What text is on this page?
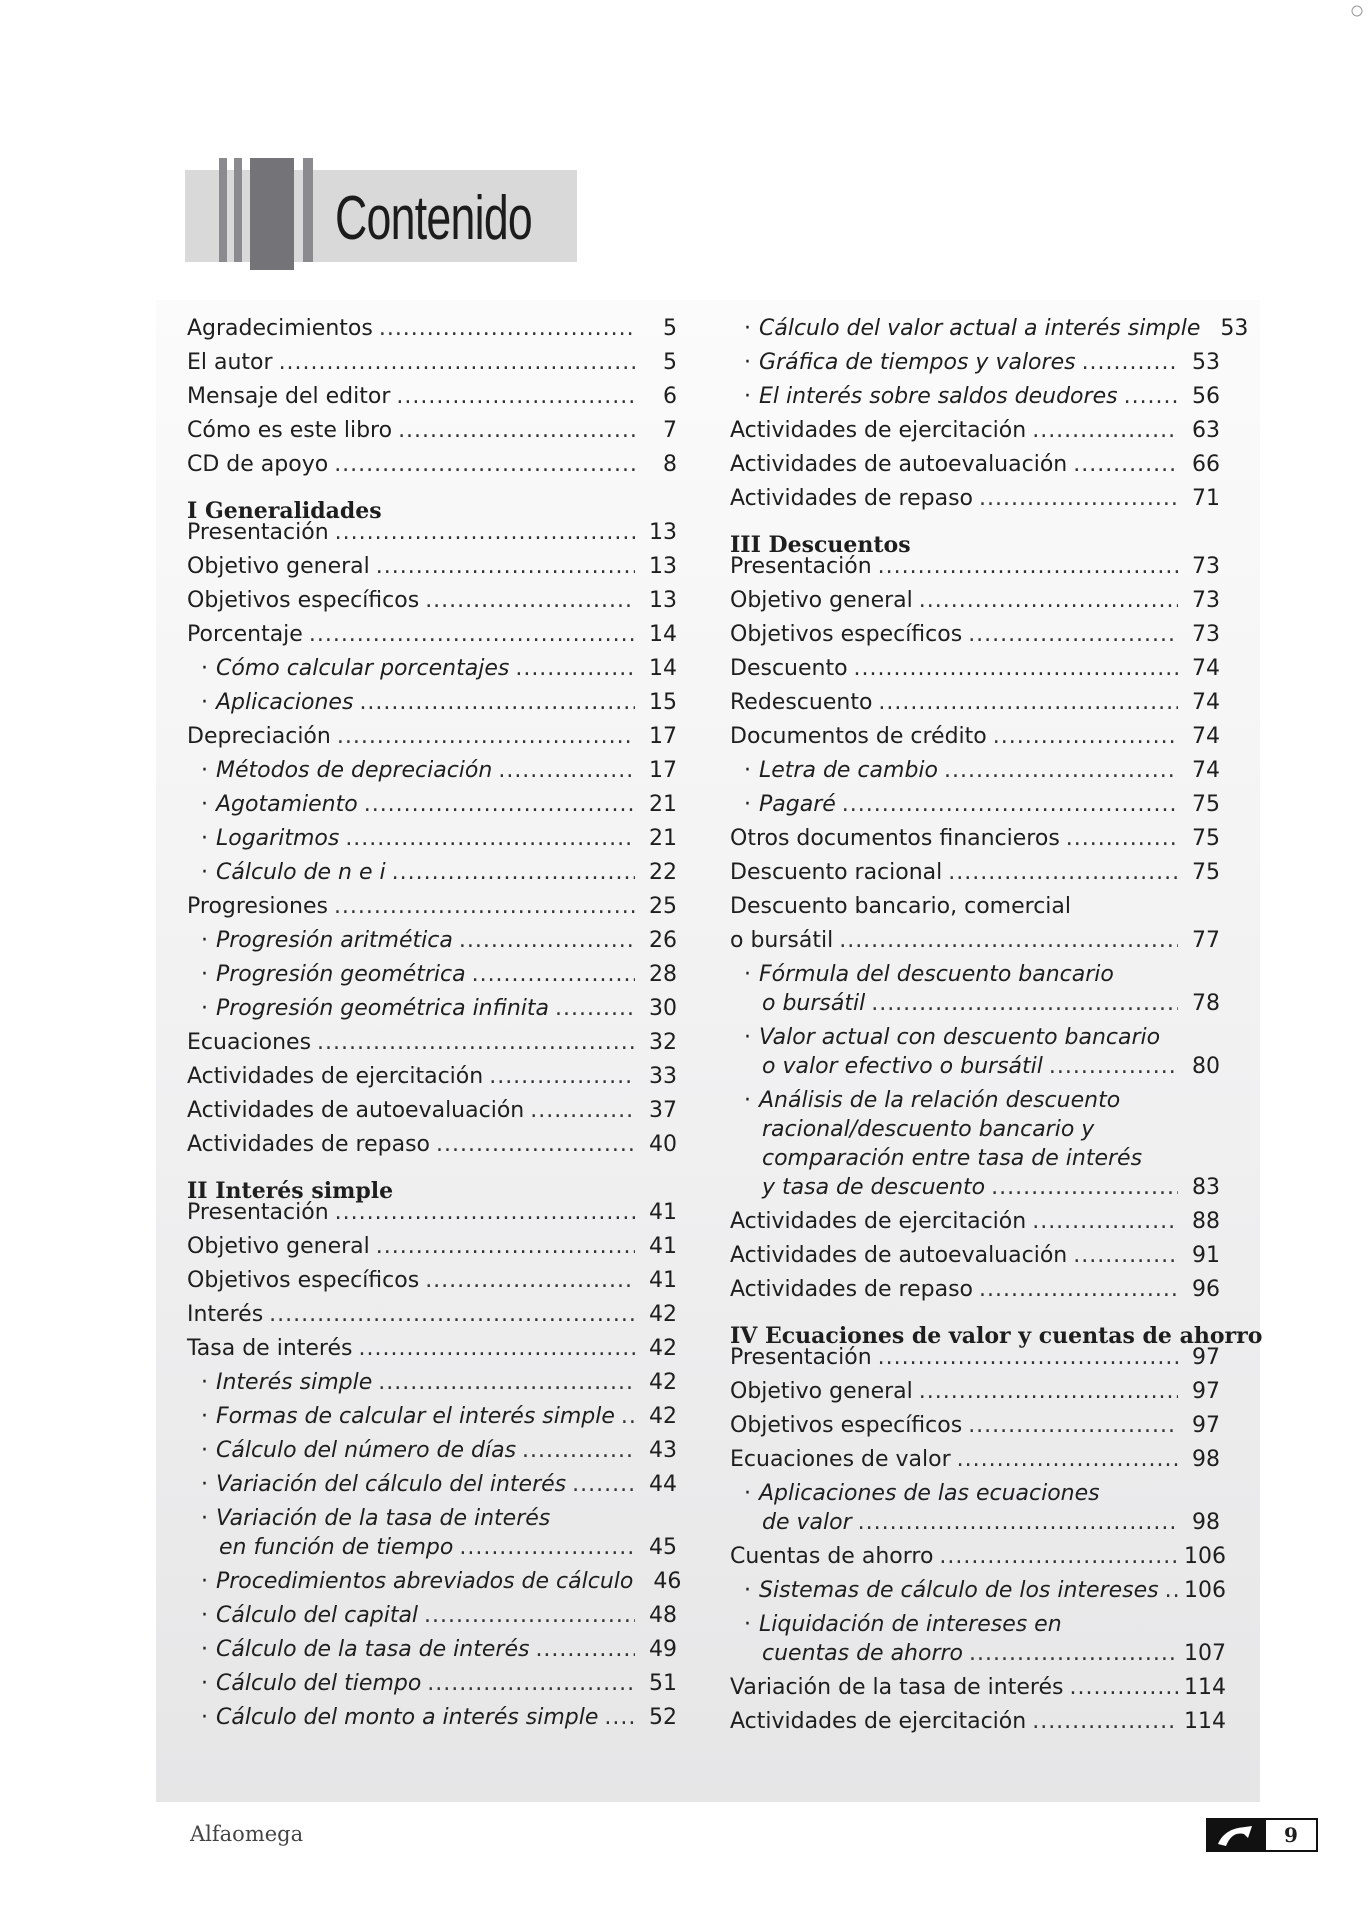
Contenido
Agradecimientos .....	5
El autor .....	5
Mensaje del editor .....	6
Cómo es este libro .....	7
CD de apoyo .....	8
I Generalidades
Presentación .....	13
Objetivo general .....	13
Objetivos específicos .....	13
Porcentaje .....	14
· Cómo calcular porcentajes .....	14
· Aplicaciones .....	15
Depreciación .....	17
· Métodos de depreciación .....	17
· Agotamiento .....	21
· Logaritmos .....	21
· Cálculo de n e i .....	22
Progresiones .....	25
· Progresión aritmética .....	26
· Progresión geométrica .....	28
· Progresión geométrica infinita .....	30
Ecuaciones .....	32
Actividades de ejercitación .....	33
Actividades de autoevaluación .....	37
Actividades de repaso .....	40
II Interés simple
Presentación .....	41
Objetivo general .....	41
Objetivos específicos .....	41
Interés .....	42
Tasa de interés .....	42
· Interés simple .....	42
· Formas de calcular el interés simple .....	42
· Cálculo del número de días .....	43
· Variación del cálculo del interés .....	44
· Variación de la tasa de interés
en función de tiempo .....	45
· Procedimientos abreviados de cálculo 46
· Cálculo del capital .....	48
· Cálculo de la tasa de interés .....	49
· Cálculo del tiempo .....	51
· Cálculo del monto a interés simple .....	52
· Cálculo del valor actual a interés simple 53
· Gráfica de tiempos y valores .....	53
· El interés sobre saldos deudores .....	56
Actividades de ejercitación .....	63
Actividades de autoevaluación .....	66
Actividades de repaso .....	71
III Descuentos
Presentación .....	73
Objetivo general .....	73
Objetivos específicos .....	73
Descuento .....	74
Redescuento .....	74
Documentos de crédito .....	74
· Letra de cambio .....	74
· Pagaré .....	75
Otros documentos financieros .....	75
Descuento racional .....	75
Descuento bancario, comercial
o bursátil .....	77
· Fórmula del descuento bancario
o bursátil .....	78
· Valor actual con descuento bancario
o valor efectivo o bursátil .....	80
· Análisis de la relación descuento
racional/descuento bancario y
comparación entre tasa de interés
y tasa de descuento .....	83
Actividades de ejercitación .....	88
Actividades de autoevaluación .....	91
Actividades de repaso .....	96
IV Ecuaciones de valor y cuentas de ahorro
Presentación .....	97
Objetivo general .....	97
Objetivos específicos .....	97
Ecuaciones de valor .....	98
· Aplicaciones de las ecuaciones
de valor .....	98
Cuentas de ahorro .....	106
· Sistemas de cálculo de los intereses ..... 106
· Liquidación de intereses en
cuentas de ahorro .....	107
Variación de la tasa de interés .....	114
Actividades de ejercitación .....	114
Alfaomega	9
